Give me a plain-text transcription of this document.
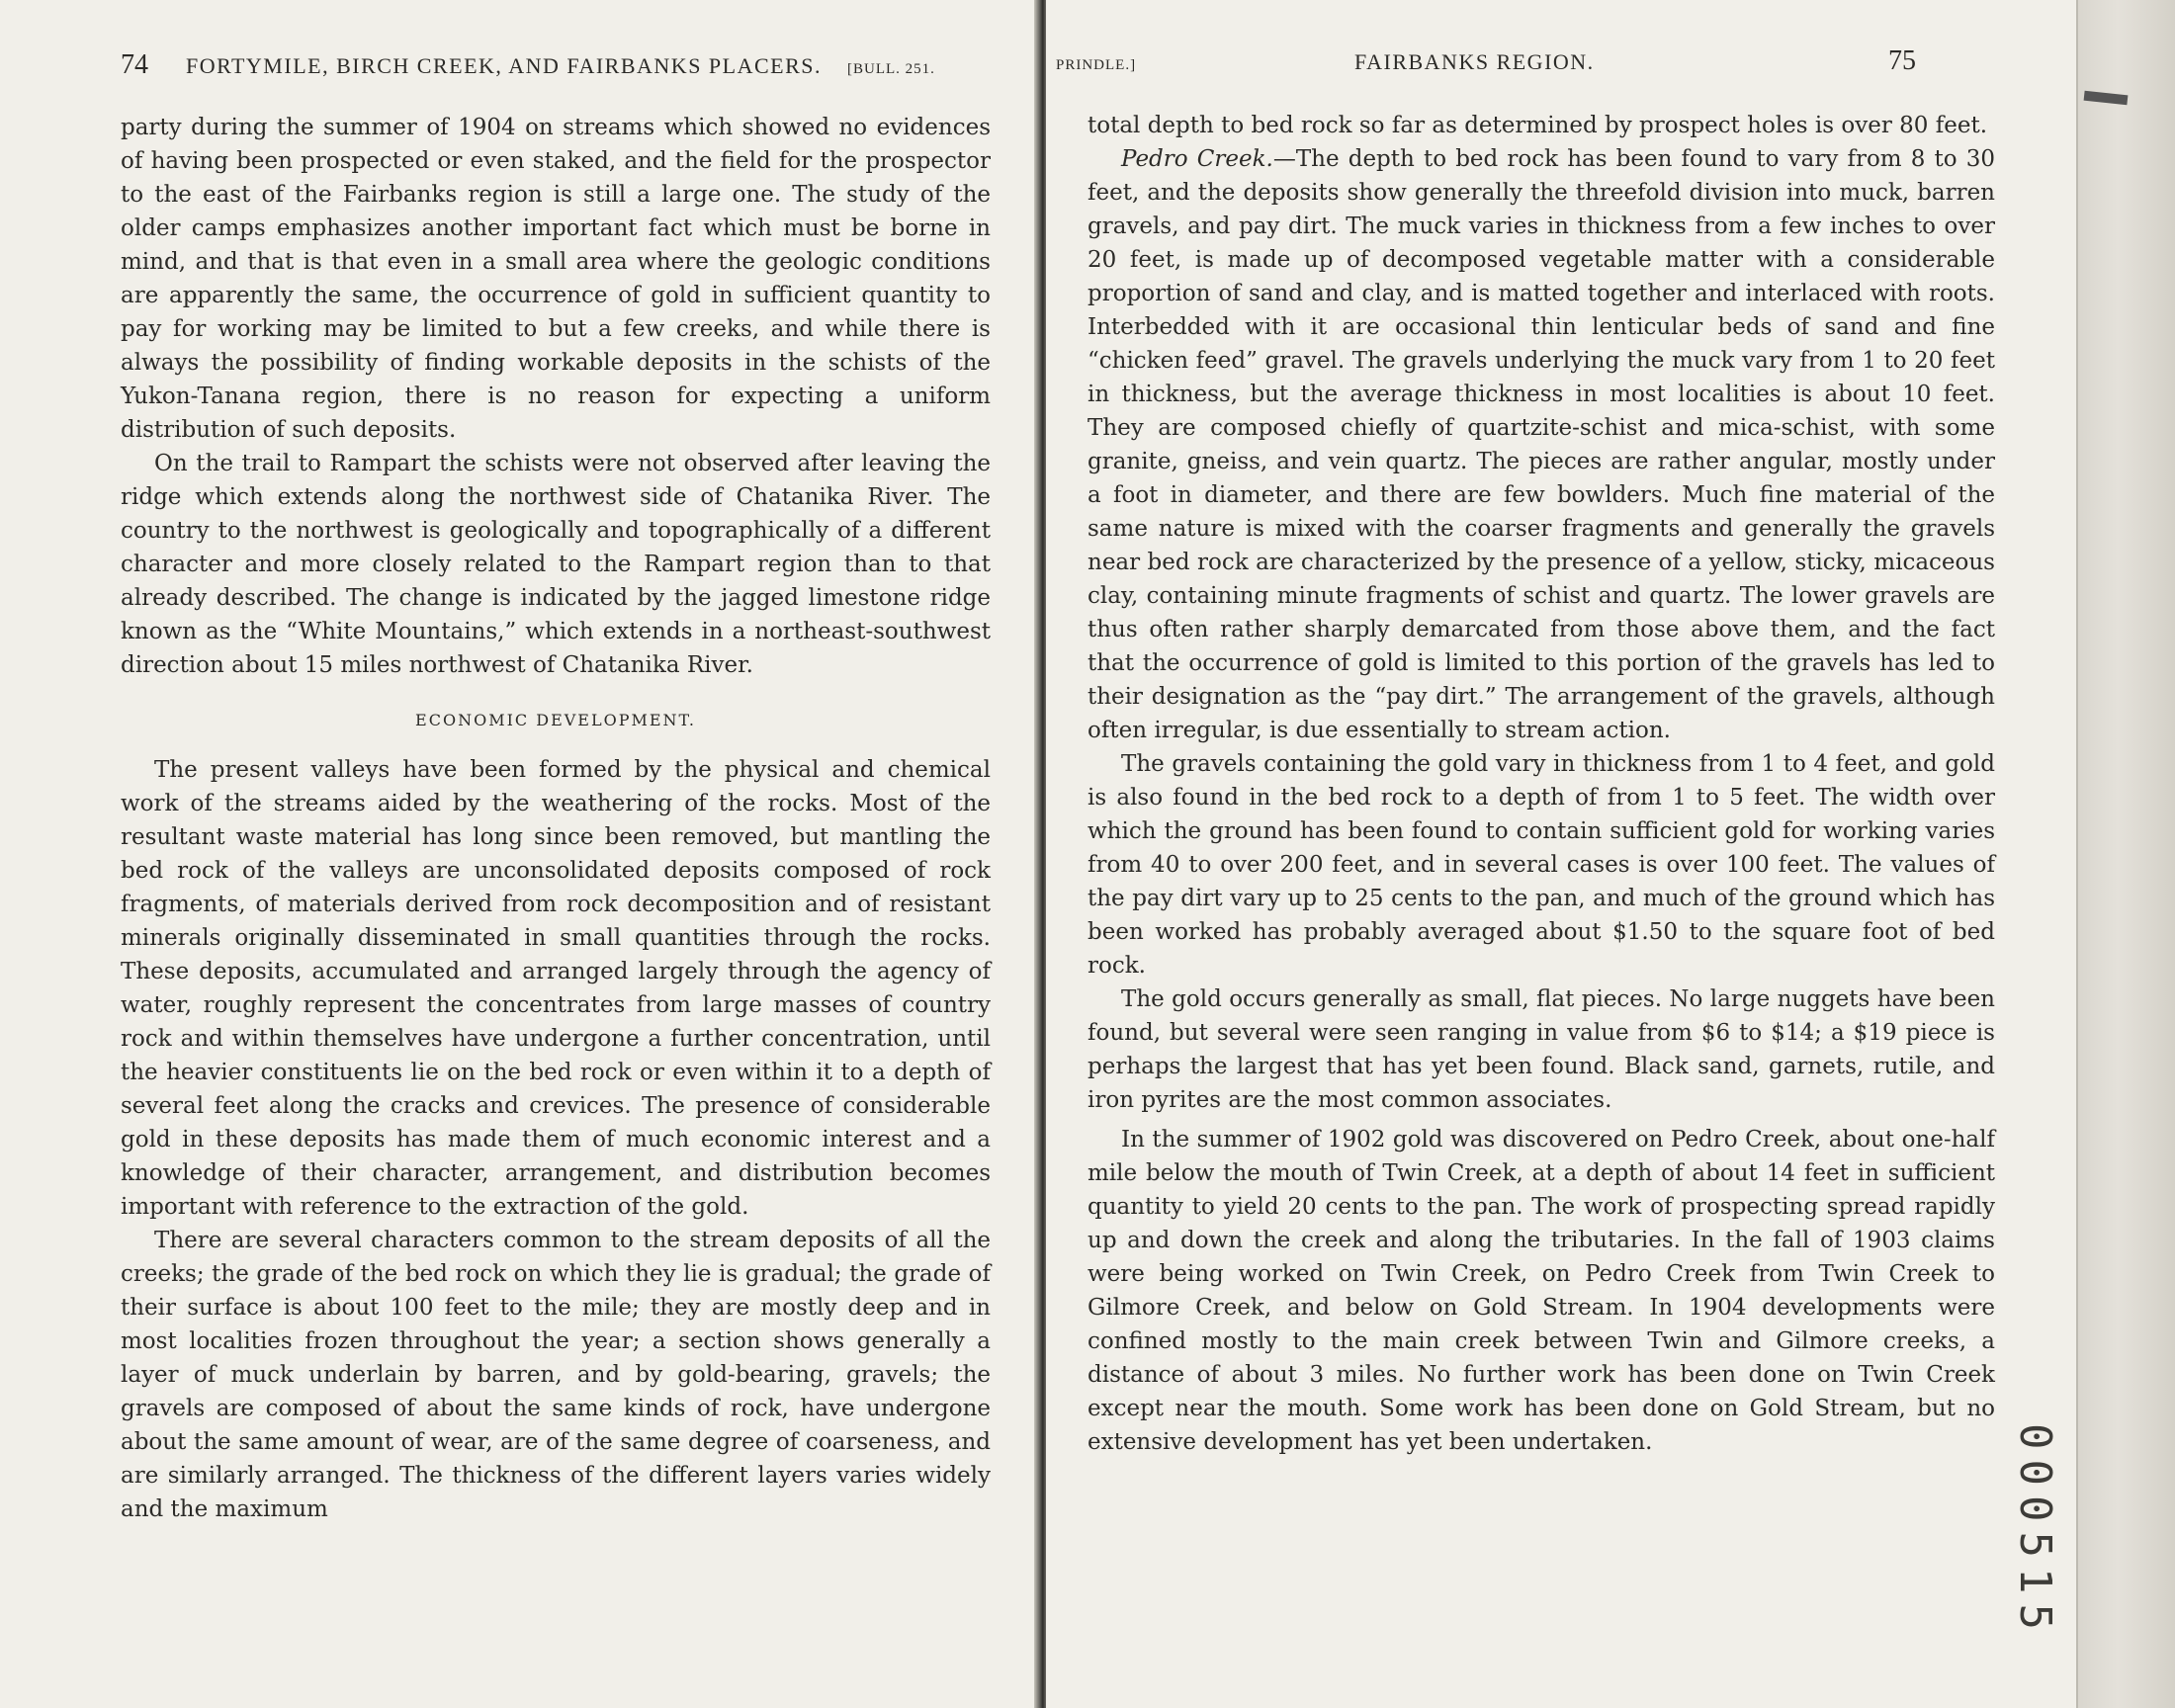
74 FORTYMILE, BIRCH CREEK, AND FAIRBANKS PLACERS. [BULL. 251.

party during the summer of 1904 on streams which showed no evidences of having been prospected or even staked, and the field for the prospector to the east of the Fairbanks region is still a large one. The study of the older camps emphasizes another important fact which must be borne in mind, and that is that even in a small area where the geologic conditions are apparently the same, the occurrence of gold in sufficient quantity to pay for working may be limited to but a few creeks, and while there is always the possibility of finding workable deposits in the schists of the Yukon-Tanana region, there is no reason for expecting a uniform distribution of such deposits.

On the trail to Rampart the schists were not observed after leaving the ridge which extends along the northwest side of Chatanika River. The country to the northwest is geologically and topographically of a different character and more closely related to the Rampart region than to that already described. The change is indicated by the jagged limestone ridge known as the “White Mountains,” which extends in a northeast-southwest direction about 15 miles northwest of Chatanika River.

ECONOMIC DEVELOPMENT.

The present valleys have been formed by the physical and chemical work of the streams aided by the weathering of the rocks. Most of the resultant waste material has long since been removed, but mantling the bed rock of the valleys are unconsolidated deposits composed of rock fragments, of materials derived from rock decomposition and of resistant minerals originally disseminated in small quantities through the rocks. These deposits, accumulated and arranged largely through the agency of water, roughly represent the concentrates from large masses of country rock and within themselves have undergone a further concentration, until the heavier constituents lie on the bed rock or even within it to a depth of several feet along the cracks and crevices. The presence of considerable gold in these deposits has made them of much economic interest and a knowledge of their character, arrangement, and distribution becomes important with reference to the extraction of the gold.

There are several characters common to the stream deposits of all the creeks; the grade of the bed rock on which they lie is gradual; the grade of their surface is about 100 feet to the mile; they are mostly deep and in most localities frozen throughout the year; a section shows generally a layer of muck underlain by barren, and by gold-bearing, gravels; the gravels are composed of about the same kinds of rock, have undergone about the same amount of wear, are of the same degree of coarseness, and are similarly arranged. The thickness of the different layers varies widely and the maximum

PRINDLE.]	FAIRBANKS REGION.	75

total depth to bed rock so far as determined by prospect holes is over 80 feet.

Pedro Creek.—The depth to bed rock has been found to vary from 8 to 30 feet, and the deposits show generally the threefold division into muck, barren gravels, and pay dirt. The muck varies in thickness from a few inches to over 20 feet, is made up of decomposed vegetable matter with a considerable proportion of sand and clay, and is matted together and interlaced with roots. Interbedded with it are occasional thin lenticular beds of sand and fine “chicken feed” gravel. The gravels underlying the muck vary from 1 to 20 feet in thickness, but the average thickness in most localities is about 10 feet. They are composed chiefly of quartzite-schist and mica-schist, with some granite, gneiss, and vein quartz. The pieces are rather angular, mostly under a foot in diameter, and there are few bowlders. Much fine material of the same nature is mixed with the coarser fragments and generally the gravels near bed rock are characterized by the presence of a yellow, sticky, micaceous clay, containing minute fragments of schist and quartz. The lower gravels are thus often rather sharply demarcated from those above them, and the fact that the occurrence of gold is limited to this portion of the gravels has led to their designation as the “pay dirt.” The arrangement of the gravels, although often irregular, is due essentially to stream action.

The gravels containing the gold vary in thickness from 1 to 4 feet, and gold is also found in the bed rock to a depth of from 1 to 5 feet. The width over which the ground has been found to contain sufficient gold for working varies from 40 to over 200 feet, and in several cases is over 100 feet. The values of the pay dirt vary up to 25 cents to the pan, and much of the ground which has been worked has probably averaged about $1.50 to the square foot of bed rock.

The gold occurs generally as small, flat pieces. No large nuggets have been found, but several were seen ranging in value from $6 to $14; a $19 piece is perhaps the largest that has yet been found. Black sand, garnets, rutile, and iron pyrites are the most common associates.

In the summer of 1902 gold was discovered on Pedro Creek, about one-half mile below the mouth of Twin Creek, at a depth of about 14 feet in sufficient quantity to yield 20 cents to the pan. The work of prospecting spread rapidly up and down the creek and along the tributaries. In the fall of 1903 claims were being worked on Twin Creek, on Pedro Creek from Twin Creek to Gilmore Creek, and below on Gold Stream. In 1904 developments were confined mostly to the main creek between Twin and Gilmore creeks, a distance of about 3 miles. No further work has been done on Twin Creek except near the mouth. Some work has been done on Gold Stream, but no extensive development has yet been undertaken.	000515
